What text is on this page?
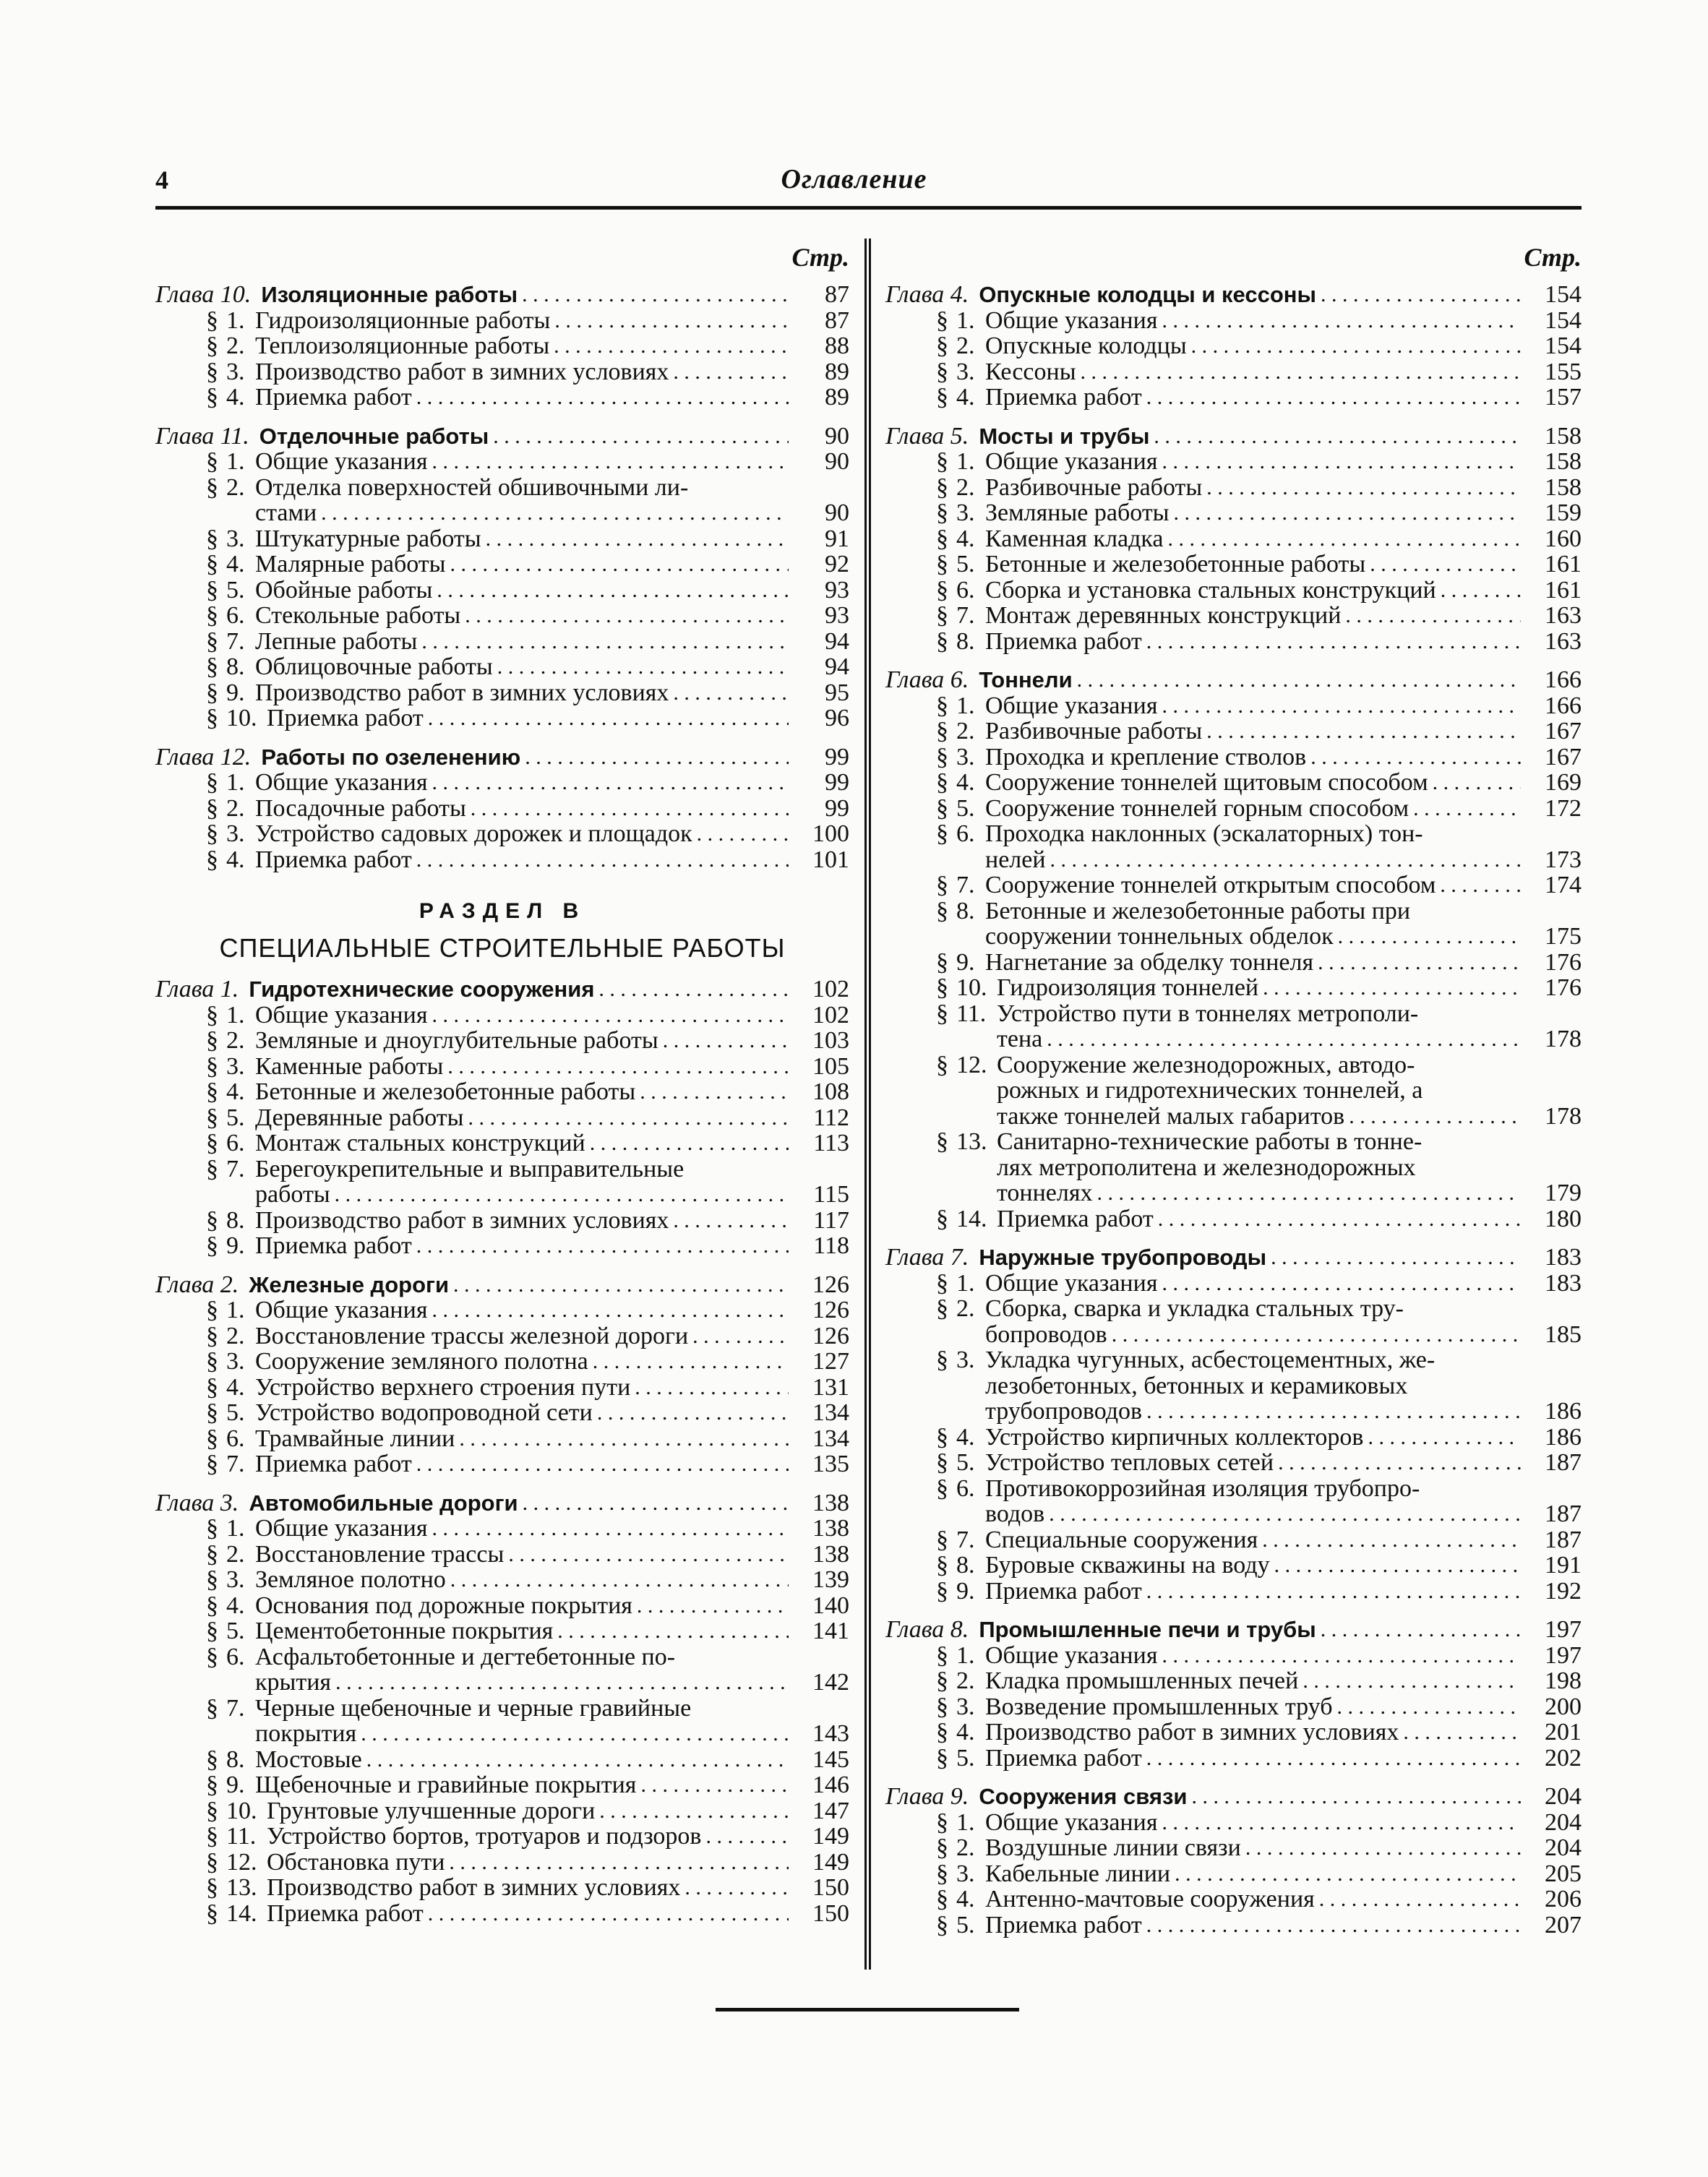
4	Оглавление
Стр.
Глава 10. Изоляционные работы . . .	87
§ 1. Гидроизоляционные работы . . .	87
§ 2. Теплоизоляционные работы . . .	88
§ 3. Производство работ в зимних условиях . . .	89
§ 4. Приемка работ . . .	89
Глава 11. Отделочные работы . . .	90
§ 1. Общие указания . . .	90
§ 2. Отделка поверхностей обшивочными ли-
стами . . .	90
§ 3. Штукатурные работы . . .	91
§ 4. Малярные работы . . .	92
§ 5. Обойные работы . . .	93
§ 6. Стекольные работы . . .	93
§ 7. Лепные работы . . .	94
§ 8. Облицовочные работы . . .	94
§ 9. Производство работ в зимних условиях . . .	95
§ 10. Приемка работ . . .	96
Глава 12. Работы по озеленению . . .	99
§ 1. Общие указания . . .	99
§ 2. Посадочные работы . . .	99
§ 3. Устройство садовых дорожек и площадок . . .	100
§ 4. Приемка работ . . .	101
РАЗДЕЛ В
СПЕЦИАЛЬНЫЕ СТРОИТЕЛЬНЫЕ РАБОТЫ
Глава 1. Гидротехнические сооружения . . .	102
§ 1. Общие указания . . .	102
§ 2. Земляные и дноуглубительные работы . . .	103
§ 3. Каменные работы . . .	105
§ 4. Бетонные и железобетонные работы . . .	108
§ 5. Деревянные работы . . .	112
§ 6. Монтаж стальных конструкций . . .	113
§ 7. Берегоукрепительные и выправительные
работы . . .	115
§ 8. Производство работ в зимних условиях . . .	117
§ 9. Приемка работ . . .	118
Глава 2. Железные дороги . . .	126
§ 1. Общие указания . . .	126
§ 2. Восстановление трассы железной дороги . . .	126
§ 3. Сооружение земляного полотна . . .	127
§ 4. Устройство верхнего строения пути . . .	131
§ 5. Устройство водопроводной сети . . .	134
§ 6. Трамвайные линии . . .	134
§ 7. Приемка работ . . .	135
Глава 3. Автомобильные дороги . . .	138
§ 1. Общие указания . . .	138
§ 2. Восстановление трассы . . .	138
§ 3. Земляное полотно . . .	139
§ 4. Основания под дорожные покрытия . . .	140
§ 5. Цементобетонные покрытия . . .	141
§ 6. Асфальтобетонные и дегтебетонные по-
крытия . . .	142
§ 7. Черные щебеночные и черные гравийные
покрытия . . .	143
§ 8. Мостовые . . .	145
§ 9. Щебеночные и гравийные покрытия . . .	146
§ 10. Грунтовые улучшенные дороги . . .	147
§ 11. Устройство бортов, тротуаров и подзоров . . .	149
§ 12. Обстановка пути . . .	149
§ 13. Производство работ в зимних условиях . . .	150
§ 14. Приемка работ . . .	150
Стр.
Глава 4. Опускные колодцы и кессоны . . .	154
§ 1. Общие указания . . .	154
§ 2. Опускные колодцы . . .	154
§ 3. Кессоны . . .	155
§ 4. Приемка работ . . .	157
Глава 5. Мосты и трубы . . .	158
§ 1. Общие указания . . .	158
§ 2. Разбивочные работы . . .	158
§ 3. Земляные работы . . .	159
§ 4. Каменная кладка . . .	160
§ 5. Бетонные и железобетонные работы . . .	161
§ 6. Сборка и установка стальных конструкций . . .	161
§ 7. Монтаж деревянных конструкций . . .	163
§ 8. Приемка работ . . .	163
Глава 6. Тоннели . . .	166
§ 1. Общие указания . . .	166
§ 2. Разбивочные работы . . .	167
§ 3. Проходка и крепление стволов . . .	167
§ 4. Сооружение тоннелей щитовым способом . . .	169
§ 5. Сооружение тоннелей горным способом . . .	172
§ 6. Проходка наклонных (эскалаторных) тон-
нелей . . .	173
§ 7. Сооружение тоннелей открытым способом . . .	174
§ 8. Бетонные и железобетонные работы при
сооружении тоннельных обделок . . .	175
§ 9. Нагнетание за обделку тоннеля . . .	176
§ 10. Гидроизоляция тоннелей . . .	176
§ 11. Устройство пути в тоннелях метрополи-
тена . . .	178
§ 12. Сооружение железнодорожных, автодо-
рожных и гидротехнических тоннелей, а
также тоннелей малых габаритов . . .	178
§ 13. Санитарно-технические работы в тонне-
лях метрополитена и железнодорожных
тоннелях . . .	179
§ 14. Приемка работ . . .	180
Глава 7. Наружные трубопроводы . . .	183
§ 1. Общие указания . . .	183
§ 2. Сборка, сварка и укладка стальных тру-
бопроводов . . .	185
§ 3. Укладка чугунных, асбестоцементных, же-
лезобетонных, бетонных и керамиковых
трубопроводов . . .	186
§ 4. Устройство кирпичных коллекторов . . .	186
§ 5. Устройство тепловых сетей . . .	187
§ 6. Противокоррозийная изоляция трубопро-
водов . . .	187
§ 7. Специальные сооружения . . .	187
§ 8. Буровые скважины на воду . . .	191
§ 9. Приемка работ . . .	192
Глава 8. Промышленные печи и трубы . . .	197
§ 1. Общие указания . . .	197
§ 2. Кладка промышленных печей . . .	198
§ 3. Возведение промышленных труб . . .	200
§ 4. Производство работ в зимних условиях . . .	201
§ 5. Приемка работ . . .	202
Глава 9. Сооружения связи . . .	204
§ 1. Общие указания . . .	204
§ 2. Воздушные линии связи . . .	204
§ 3. Кабельные линии . . .	205
§ 4. Антенно-мачтовые сооружения . . .	206
§ 5. Приемка работ . . .	207
